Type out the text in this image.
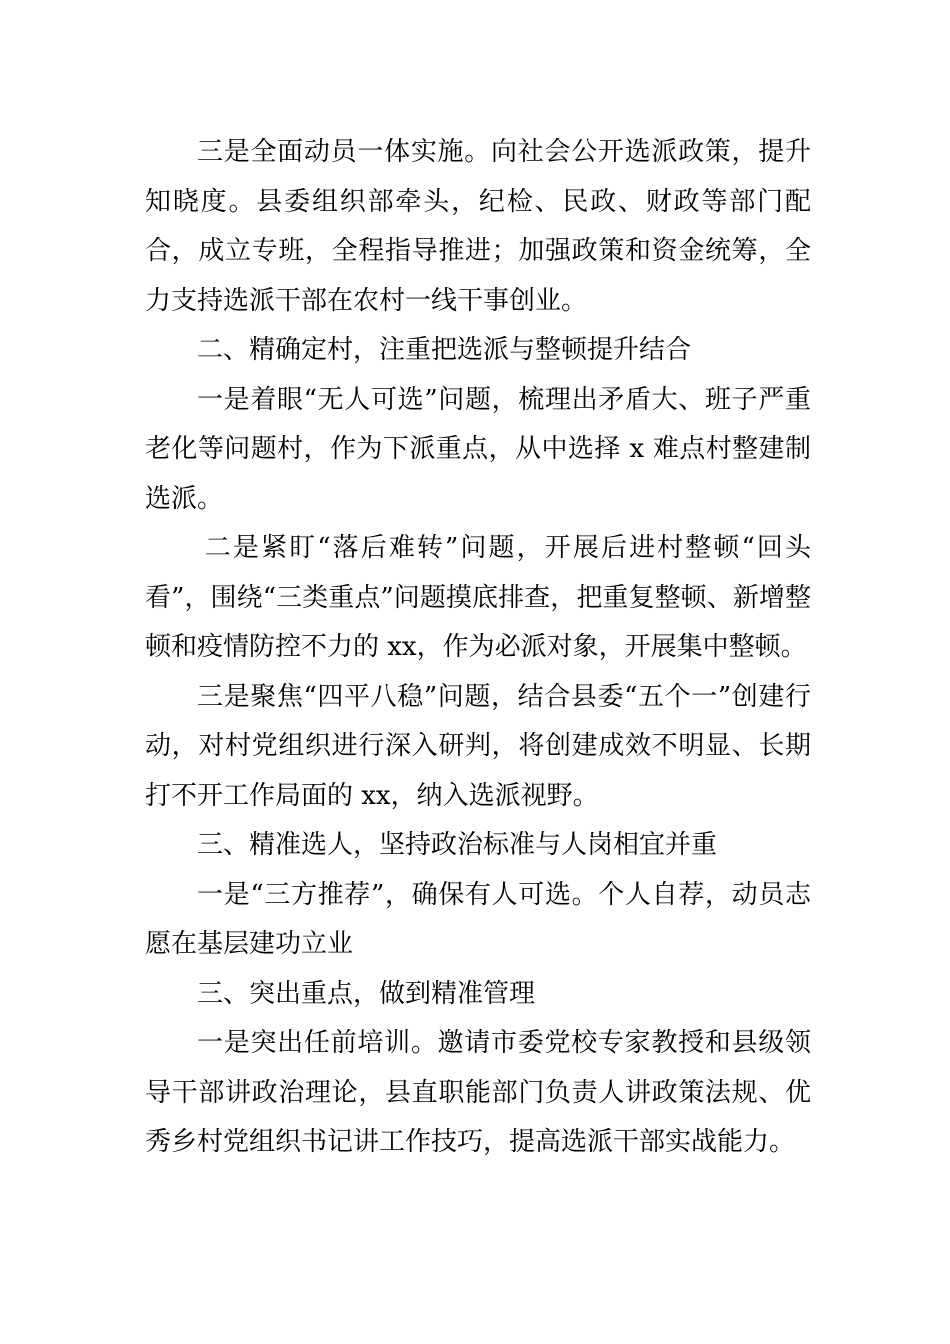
三是全面动员一体实施。向社会公开选派政策，提升知晓度。县委组织部牵头，纪检、民政、财政等部门配合，成立专班，全程指导推进；加强政策和资金统筹，全力支持选派干部在农村一线干事创业。

二、精确定村，注重把选派与整顿提升结合

一是着眼“无人可选”问题，梳理出矛盾大、班子严重老化等问题村，作为下派重点，从中选择 x 难点村整建制选派。

二是紧盯“落后难转”问题，开展后进村整顿“回头看”，围绕“三类重点”问题摸底排查，把重复整顿、新增整顿和疫情防控不力的 xx，作为必派对象，开展集中整顿。

三是聚焦“四平八稳”问题，结合县委“五个一”创建行动，对村党组织进行深入研判，将创建成效不明显、长期打不开工作局面的 xx，纳入选派视野。

三、精准选人，坚持政治标准与人岗相宜并重

一是“三方推荐”，确保有人可选。个人自荐，动员志愿在基层建功立业

三、突出重点，做到精准管理

一是突出任前培训。邀请市委党校专家教授和县级领导干部讲政治理论，县直职能部门负责人讲政策法规、优秀乡村党组织书记讲工作技巧，提高选派干部实战能力。
